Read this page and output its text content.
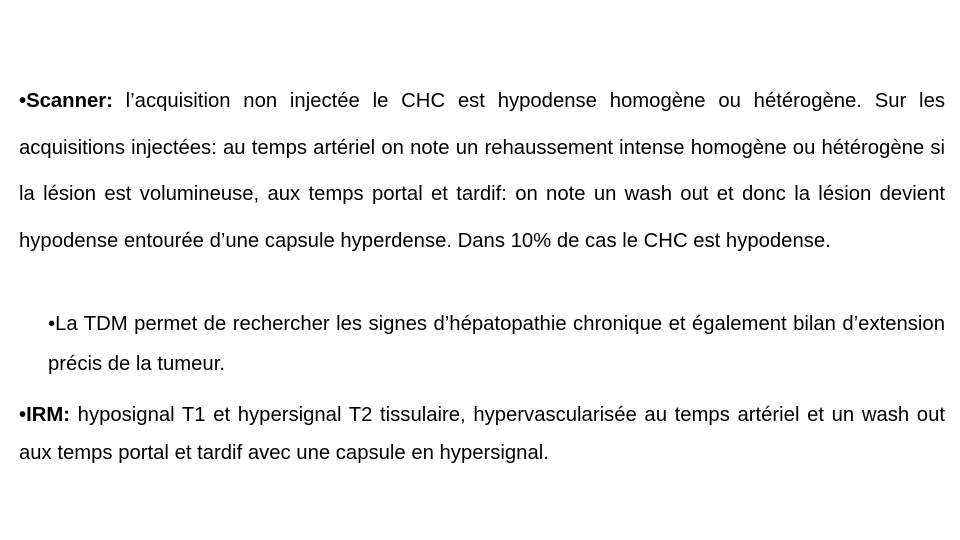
•Scanner: l’acquisition non injectée le CHC est hypodense homogène ou hétérogène. Sur les acquisitions injectées: au temps artériel on note un rehaussement intense homogène ou hétérogène si la lésion est volumineuse, aux temps portal et tardif: on note un wash out et donc la lésion devient hypodense entourée d’une capsule hyperdense. Dans 10% de cas le CHC est hypodense.

•La TDM permet de rechercher les signes d’hépatopathie chronique et également bilan d’extension précis de la tumeur.

•IRM: hyposignal T1 et hypersignal T2 tissulaire, hypervascularisée au temps artériel et un wash out aux temps portal et tardif avec une capsule en hypersignal.
